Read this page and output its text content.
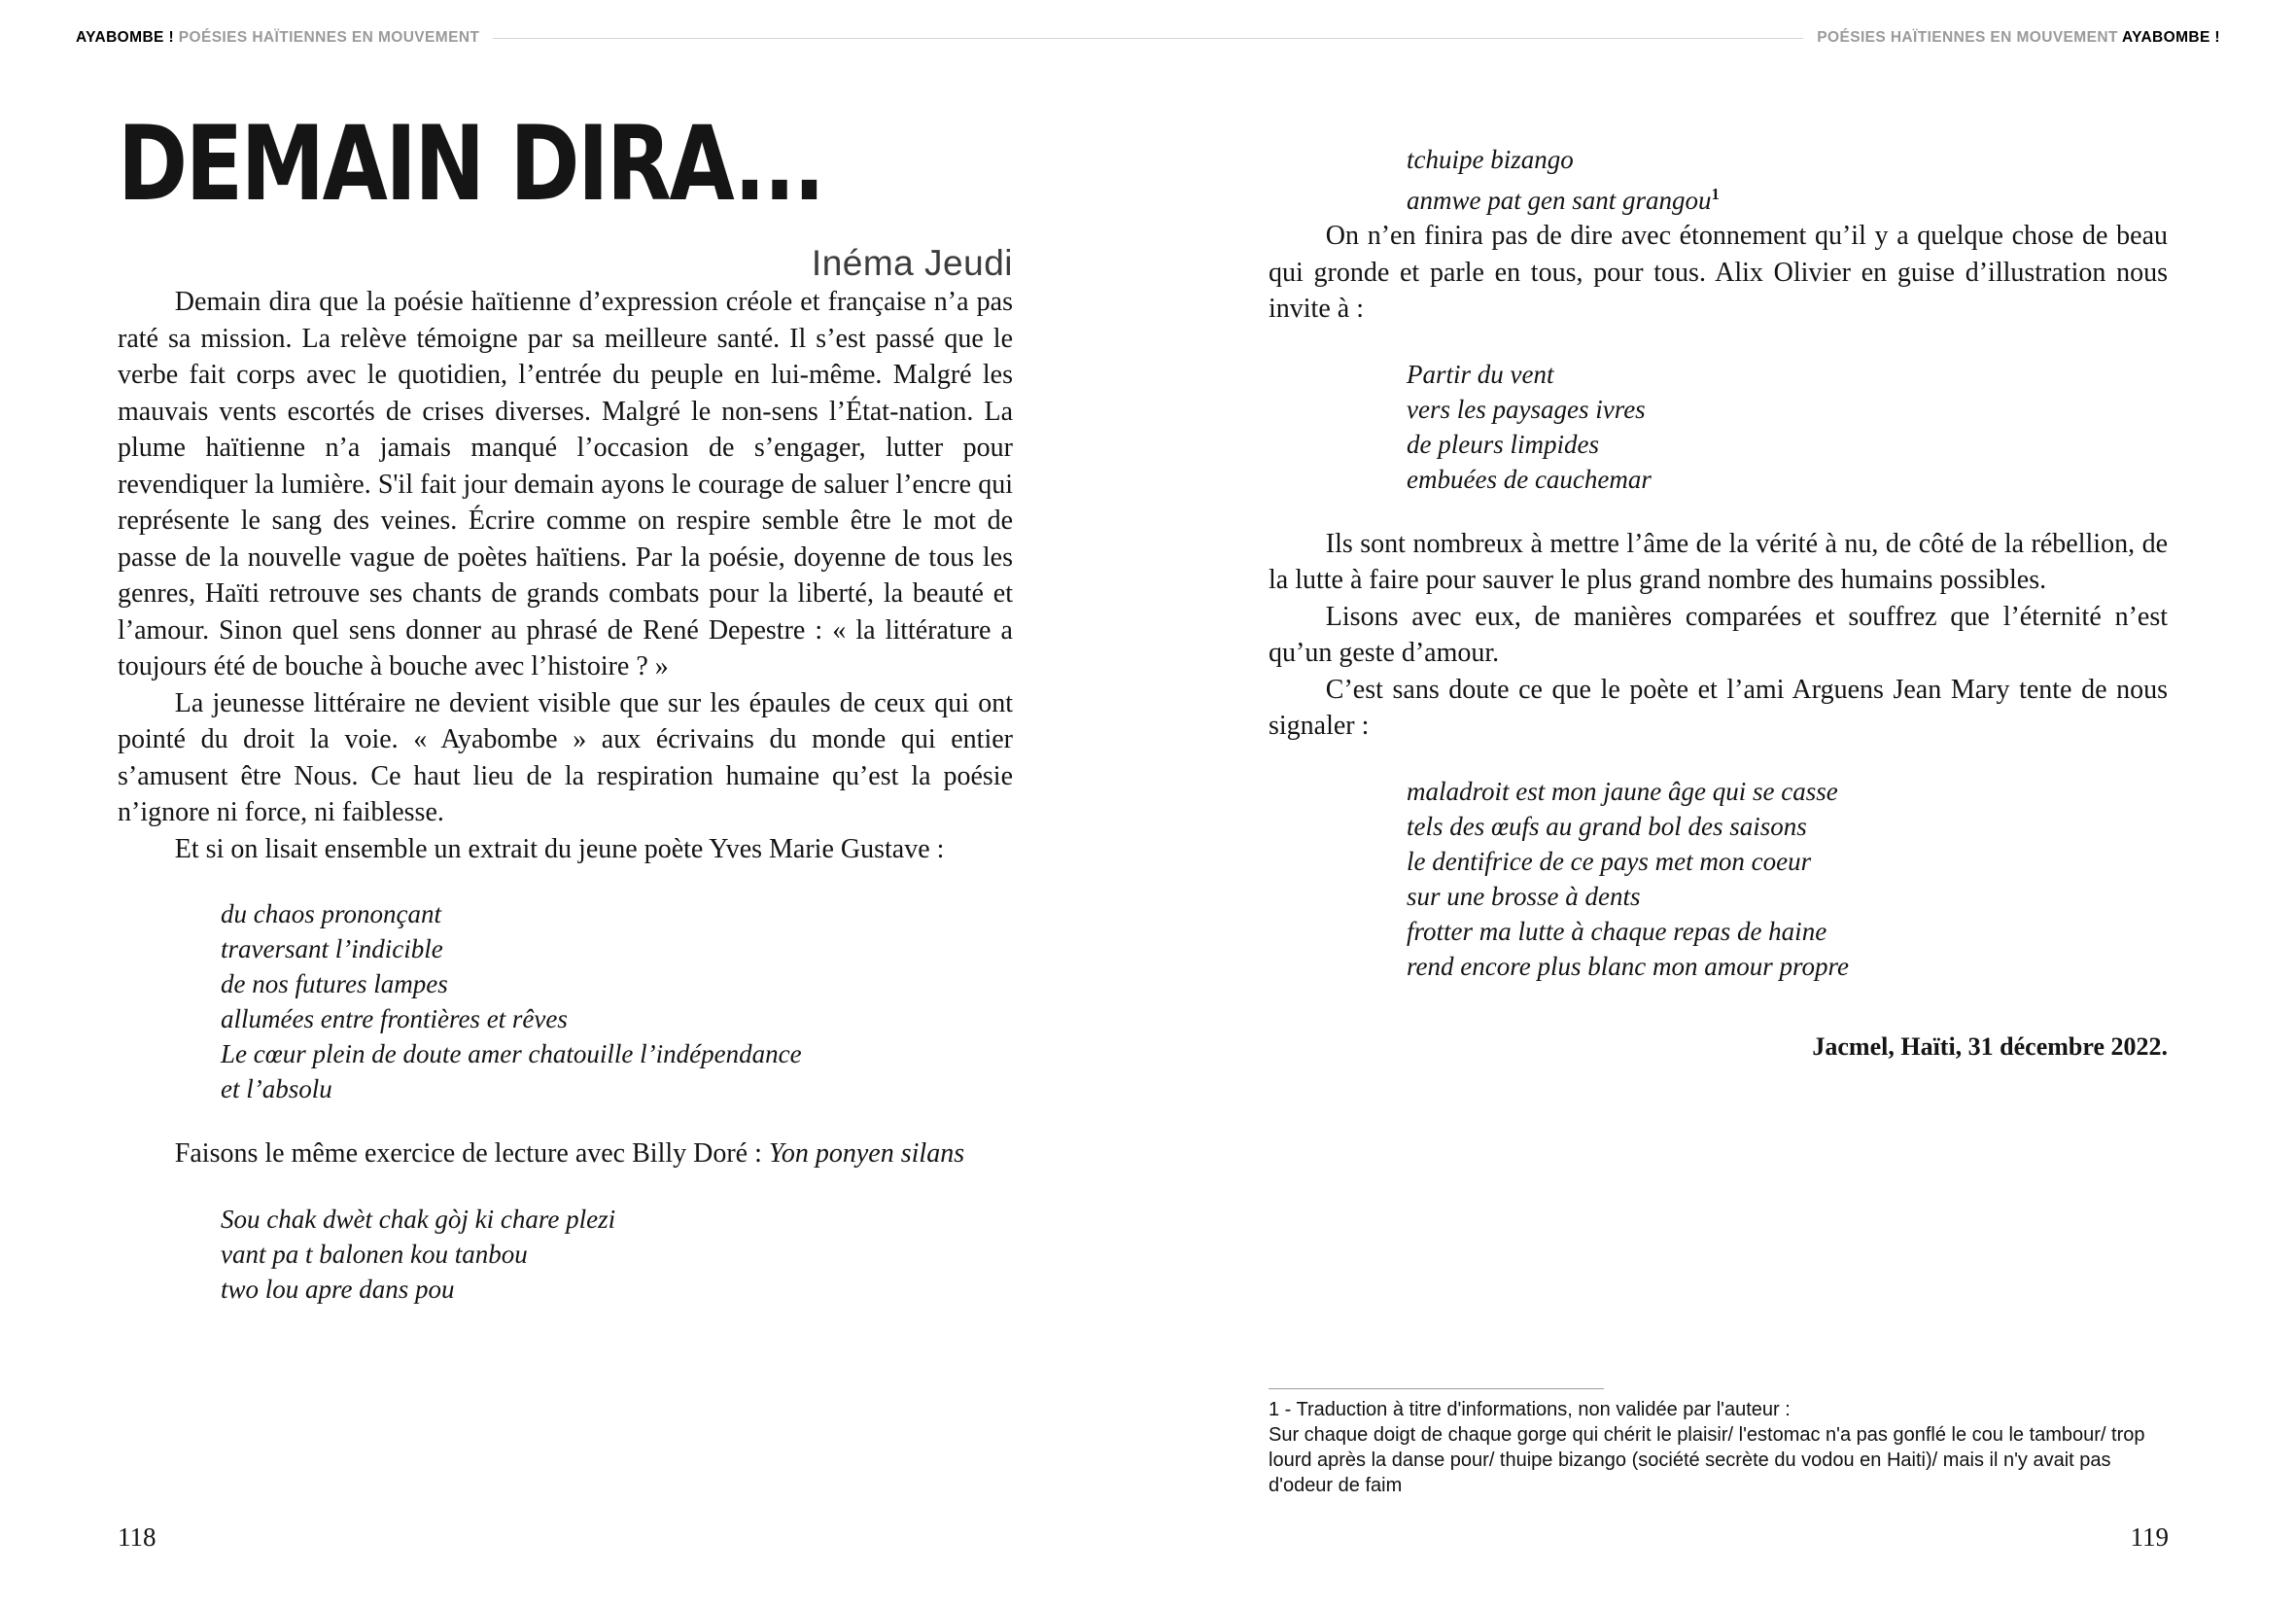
AYABOMBE ! POÉSIES HAÏTIENNES EN MOUVEMENT	POÉSIES HAÏTIENNES EN MOUVEMENT AYABOMBE !
DEMAIN DIRA...
Inéma Jeudi

Demain dira que la poésie haïtienne d’expression créole et française n’a pas raté sa mission. La relève témoigne par sa meilleure santé. Il s’est passé que le verbe fait corps avec le quotidien, l’entrée du peuple en lui-même. Malgré les mauvais vents escortés de crises diverses. Malgré le non-sens l’État-nation. La plume haïtienne n’a jamais manqué l’occasion de s’engager, lutter pour revendiquer la lumière. S'il fait jour demain ayons le courage de saluer l’encre qui représente le sang des veines. Écrire comme on respire semble être le mot de passe de la nouvelle vague de poètes haïtiens. Par la poésie, doyenne de tous les genres, Haïti retrouve ses chants de grands combats pour la liberté, la beauté et l’amour. Sinon quel sens donner au phrasé de René Depestre : « la littérature a toujours été de bouche à bouche avec l’histoire ? »

La jeunesse littéraire ne devient visible que sur les épaules de ceux qui ont pointé du droit la voie. « Ayabombe » aux écrivains du monde qui entier s’amusent être Nous. Ce haut lieu de la respiration humaine qu’est la poésie n’ignore ni force, ni faiblesse.

Et si on lisait ensemble un extrait du jeune poète Yves Marie Gustave :

du chaos prononçant
traversant l’indicible
de nos futures lampes
allumées entre frontières et rêves
Le cœur plein de doute amer chatouille l’indépendance
et l’absolu

Faisons le même exercice de lecture avec Billy Doré : Yon ponyen silans

Sou chak dwèt chak gòj ki chare plezi
vant pa t balonen kou tanbou
two lou apre dans pou
118
tchuipe bizango
anmwe pat gen sant grangou$^1$

On n’en finira pas de dire avec étonnement qu’il y a quelque chose de beau qui gronde et parle en tous, pour tous. Alix Olivier en guise d’illustration nous invite à :

Partir du vent
vers les paysages ivres
de pleurs limpides
embuées de cauchemar

Ils sont nombreux à mettre l’âme de la vérité à nu, de côté de la rébellion, de la lutte à faire pour sauver le plus grand nombre des humains possibles.

Lisons avec eux, de manières comparées et souffrez que l’éternité n’est qu’un geste d’amour.

C’est sans doute ce que le poète et l’ami Arguens Jean Mary tente de nous signaler :

maladroit est mon jaune âge qui se casse
tels des œufs au grand bol des saisons
le dentifrice de ce pays met mon coeur
sur une brosse à dents
frotter ma lutte à chaque repas de haine
rend encore plus blanc mon amour propre
Jacmel, Haïti, 31 décembre 2022.
1 - Traduction à titre d'informations, non validée par l'auteur :
Sur chaque doigt de chaque gorge qui chérit le plaisir/ l'estomac n'a pas gonflé le cou le tambour/ trop lourd après la danse pour/ thuipe bizango (société secrète du vodou en Haiti)/ mais il n'y avait pas d'odeur de faim
119
